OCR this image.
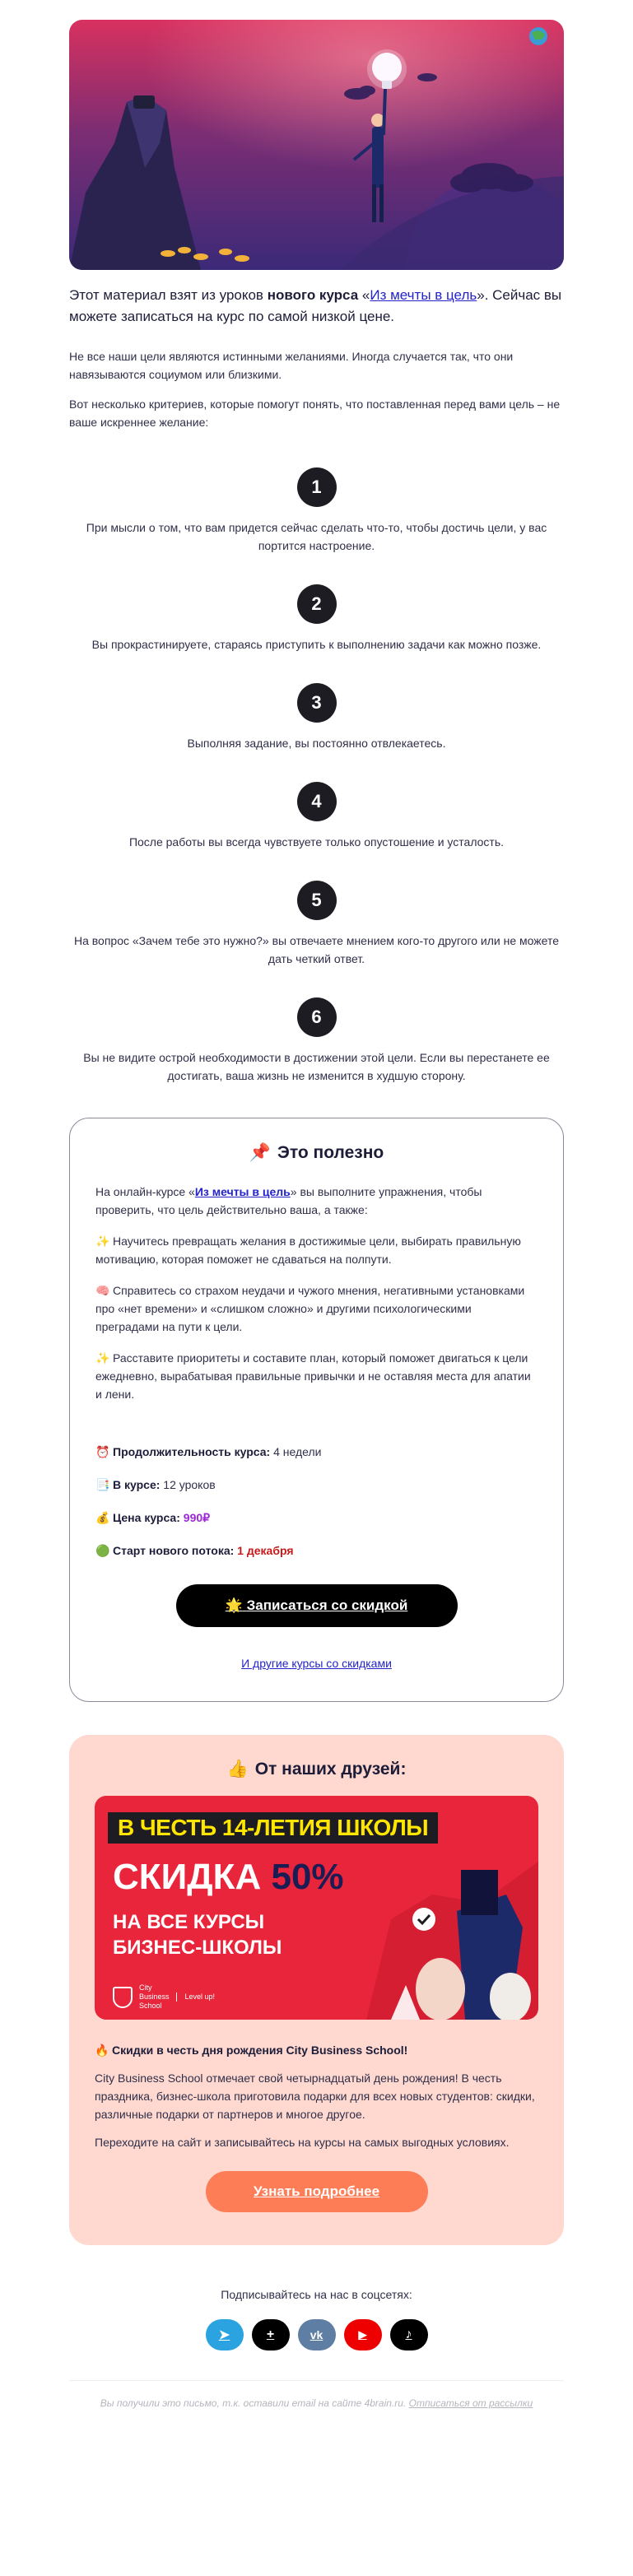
Этот материал взят из уроков нового курса «Из мечты в цель». Сейчас вы можете записаться на курс по самой низкой цене.

Не все наши цели являются истинными желаниями. Иногда случается так, что они навязываются социумом или близкими.

Вот несколько критериев, которые помогут понять, что поставленная перед вами цель – не ваше искреннее желание:

1

При мысли о том, что вам придется сейчас сделать что-то, чтобы достичь цели, у вас портится настроение.

2

Вы прокрастинируете, стараясь приступить к выполнению задачи как можно позже.

3

Выполняя задание, вы постоянно отвлекаетесь.

4

После работы вы всегда чувствуете только опустошение и усталость.

5

На вопрос «Зачем тебе это нужно?» вы отвечаете мнением кого-то другого или не можете дать четкий ответ.

6

Вы не видите острой необходимости в достижении этой цели. Если вы перестанете ее достигать, ваша жизнь не изменится в худшую сторону.

📌 Это полезно

На онлайн-курсе «Из мечты в цель» вы выполните упражнения, чтобы проверить, что цель действительно ваша, а также:

✨ Научитесь превращать желания в достижимые цели, выбирать правильную мотивацию, которая поможет не сдаваться на полпути.

🧠 Справитесь со страхом неудачи и чужого мнения, негативными установками про «нет времени» и «слишком сложно» и другими психологическими преградами на пути к цели.

✨ Расставите приоритеты и составите план, который поможет двигаться к цели ежедневно, вырабатывая правильные привычки и не оставляя места для апатии и лени.

⏰ Продолжительность курса: 4 недели

📑 В курсе: 12 уроков

💰 Цена курса: 990₽

🟢 Старт нового потока: 1 декабря

🌟 Записаться со скидкой

И другие курсы со скидками

👍 От наших друзей:
В ЧЕСТЬ 14-ЛЕТИЯ ШКОЛЫ
СКИДКА 50%
НА ВСЕ КУРСЫ
БИЗНЕС-ШКОЛЫ
City
Business
School
Level up!

🔥 Скидки в честь дня рождения City Business School!

City Business School отмечает свой четырнадцатый день рождения! В честь праздника, бизнес-школа приготовила подарки для всех новых студентов: скидки, различные подарки от партнеров и многое другое.

Переходите на сайт и записывайтесь на курсы на самых выгодных условиях.

Узнать подробнее

Подписывайтесь на нас в соцсетях:

➤	+	vk	▶	♪

Вы получили это письмо, т.к. оставили email на сайте 4brain.ru. Отписаться от рассылки
